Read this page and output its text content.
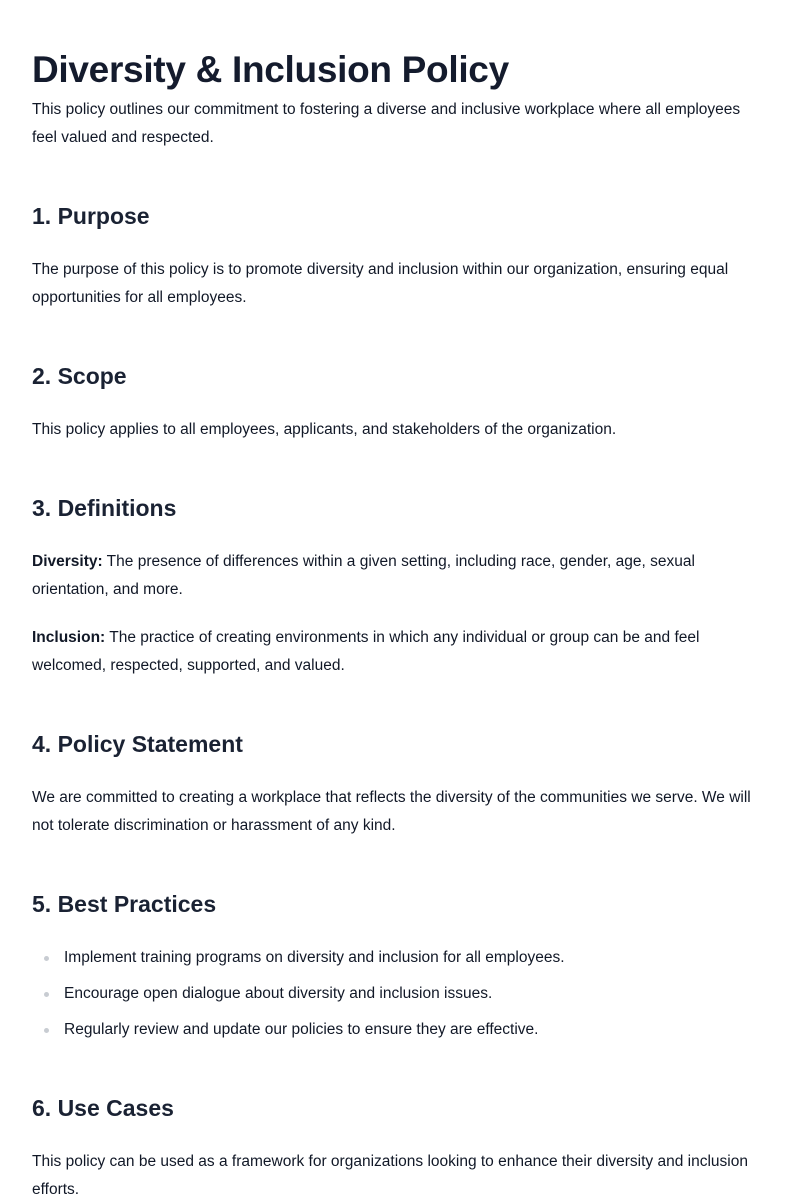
Diversity & Inclusion Policy

This policy outlines our commitment to fostering a diverse and inclusive workplace where all employees feel valued and respected.

1. Purpose

The purpose of this policy is to promote diversity and inclusion within our organization, ensuring equal opportunities for all employees.

2. Scope

This policy applies to all employees, applicants, and stakeholders of the organization.

3. Definitions

Diversity: The presence of differences within a given setting, including race, gender, age, sexual orientation, and more.

Inclusion: The practice of creating environments in which any individual or group can be and feel welcomed, respected, supported, and valued.

4. Policy Statement

We are committed to creating a workplace that reflects the diversity of the communities we serve. We will not tolerate discrimination or harassment of any kind.

5. Best Practices
Implement training programs on diversity and inclusion for all employees.
Encourage open dialogue about diversity and inclusion issues.
Regularly review and update our policies to ensure they are effective.
6. Use Cases

This policy can be used as a framework for organizations looking to enhance their diversity and inclusion efforts.
